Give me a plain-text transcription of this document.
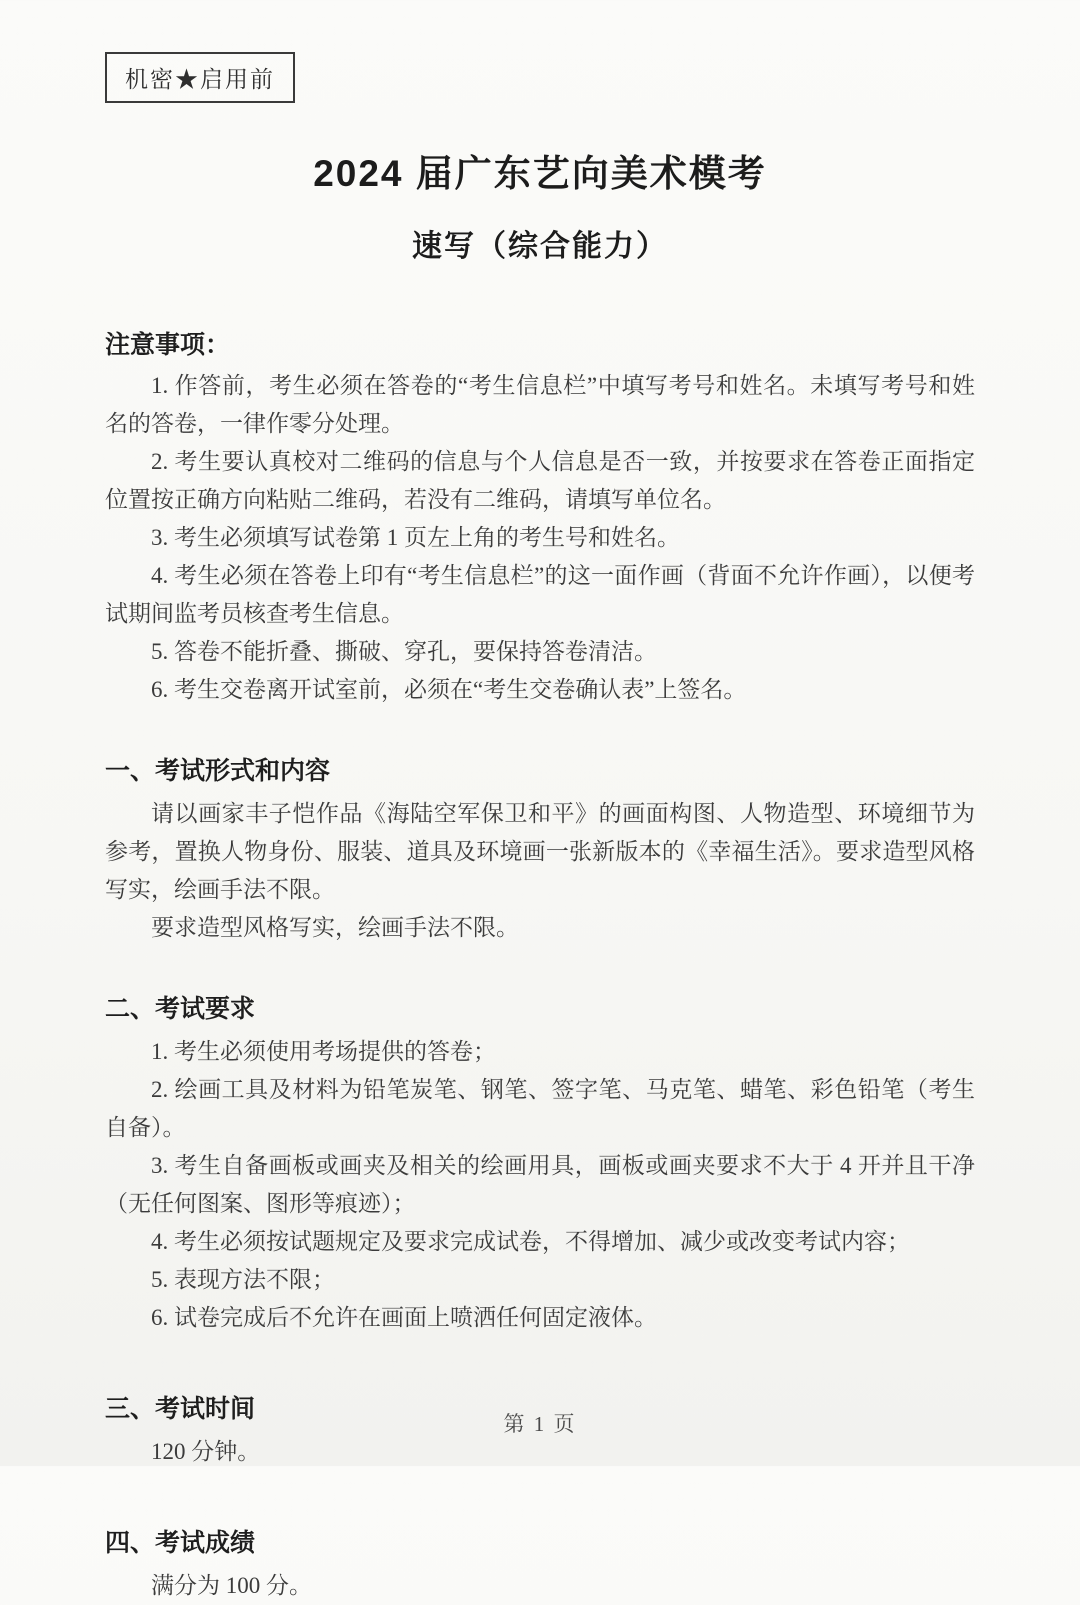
机密★启用前
2024 届广东艺向美术模考
速写（综合能力）
注意事项：

1. 作答前，考生必须在答卷的“考生信息栏”中填写考号和姓名。未填写考号和姓名的答卷，一律作零分处理。

2. 考生要认真校对二维码的信息与个人信息是否一致，并按要求在答卷正面指定位置按正确方向粘贴二维码，若没有二维码，请填写单位名。

3. 考生必须填写试卷第 1 页左上角的考生号和姓名。

4. 考生必须在答卷上印有“考生信息栏”的这一面作画（背面不允许作画），以便考试期间监考员核查考生信息。

5. 答卷不能折叠、撕破、穿孔，要保持答卷清洁。

6. 考生交卷离开试室前，必须在“考生交卷确认表”上签名。

一、考试形式和内容

请以画家丰子恺作品《海陆空军保卫和平》的画面构图、人物造型、环境细节为参考，置换人物身份、服装、道具及环境画一张新版本的《幸福生活》。要求造型风格写实，绘画手法不限。

要求造型风格写实，绘画手法不限。

二、考试要求

1. 考生必须使用考场提供的答卷；

2. 绘画工具及材料为铅笔炭笔、钢笔、签字笔、马克笔、蜡笔、彩色铅笔（考生自备）。

3. 考生自备画板或画夹及相关的绘画用具，画板或画夹要求不大于 4 开并且干净（无任何图案、图形等痕迹）；

4. 考生必须按试题规定及要求完成试卷，不得增加、减少或改变考试内容；

5. 表现方法不限；

6. 试卷完成后不允许在画面上喷洒任何固定液体。

三、考试时间

120 分钟。

四、考试成绩

满分为 100 分。

第 1 页
